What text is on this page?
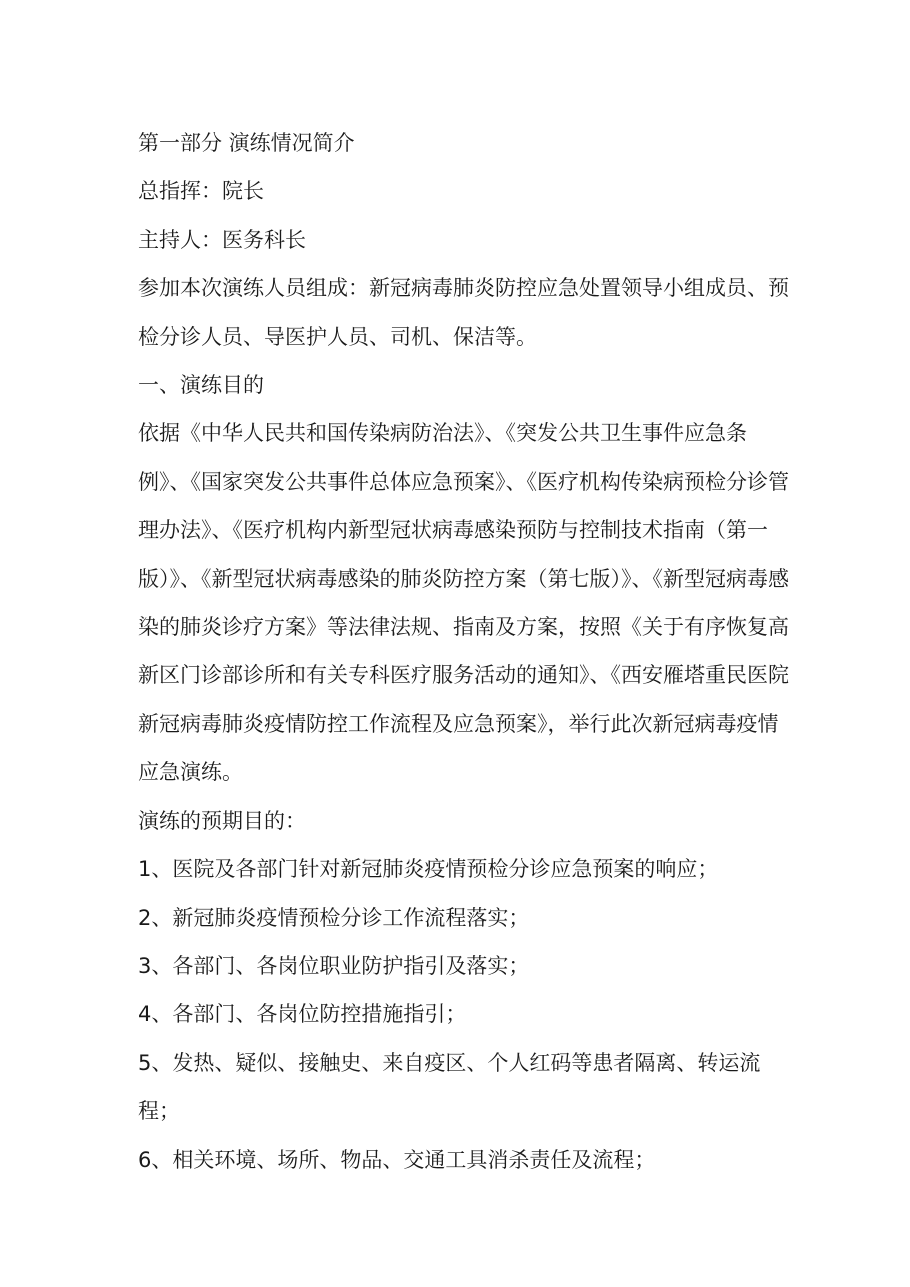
第一部分 演练情况简介

总指挥：院长

主持人：医务科长

参加本次演练人员组成：新冠病毒肺炎防控应急处置领导小组成员、预检分诊人员、导医护人员、司机、保洁等。

一、演练目的

依据《中华人民共和国传染病防治法》、《突发公共卫生事件应急条例》、《国家突发公共事件总体应急预案》、《医疗机构传染病预检分诊管理办法》、《医疗机构内新型冠状病毒感染预防与控制技术指南（第一版）》、《新型冠状病毒感染的肺炎防控方案（第七版）》、《新型冠病毒感染的肺炎诊疗方案》等法律法规、指南及方案，按照《关于有序恢复高新区门诊部诊所和有关专科医疗服务活动的通知》、《西安雁塔重民医院新冠病毒肺炎疫情防控工作流程及应急预案》，举行此次新冠病毒疫情应急演练。

演练的预期目的：

1、医院及各部门针对新冠肺炎疫情预检分诊应急预案的响应；

2、新冠肺炎疫情预检分诊工作流程落实；

3、各部门、各岗位职业防护指引及落实；

4、各部门、各岗位防控措施指引；

5、发热、疑似、接触史、来自疫区、个人红码等患者隔离、转运流程；

6、相关环境、场所、物品、交通工具消杀责任及流程；
